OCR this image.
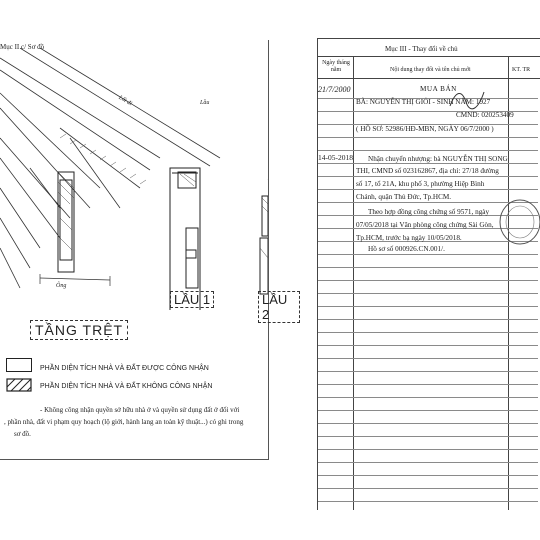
Mục II c/ Sơ đồ
Lối đi
Ông
Lầu
TẦNG TRỆT
LẦU 1	LẦU 2
PHẦN DIỆN TÍCH NHÀ VÀ ĐẤT ĐƯỢC CÔNG NHẬN
PHẦN DIỆN TÍCH NHÀ VÀ ĐẤT KHÔNG CÔNG NHẬN
- Không công nhận quyền sở hữu nhà ở và quyền sử dụng đất ở đối với
, phần nhà, đất vi phạm quy hoạch (lộ giới, hành lang an toàn kỹ thuật...) có ghi trong
sơ đồ.
Mục III - Thay đổi về chủ
Ngày tháng năm	Nội dung thay đổi và tên chủ mới	KT. TR
21/7/2000	MUA BÁN
BÀ: NGUYỄN THỊ GIỎI - SINH NĂM: 1927
CMND: 020253409
( HỒ SƠ: 52986/HĐ-MBN, NGÀY 06/7/2000 )
14-05-2018 Nhận chuyển nhượng: bà NGUYỄN THỊ SONG
THI, CMND số 023162867, địa chỉ: 27/18 đường
số 17, tổ 21A, khu phố 3, phường Hiệp Bình
Chánh, quận Thủ Đức, Tp.HCM.
Theo hợp đồng công chứng số 9571, ngày
07/05/2018 tại Văn phòng công chứng Sài Gòn,
Tp.HCM, trước bạ ngày 10/05/2018.
Hồ sơ số 000926.CN.001/.
